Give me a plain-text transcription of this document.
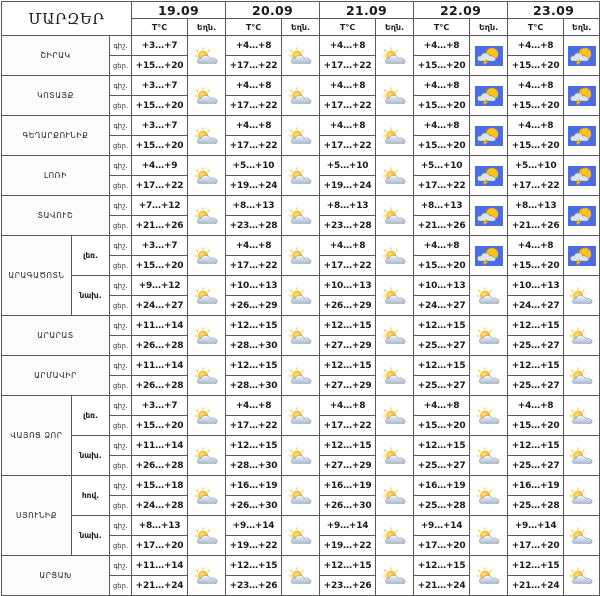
ՄԱՐԶԵՐ			19.09		20.09		21.09		22.09		23.09	
			T°C	Եղն.	T°C	Եղն.	T°C	Եղն.	T°C	Եղն.	T°C	Եղն.
ՇԻՐԱԿ		գիշ.	+3…+7		+4…+8		+4…+8		+4…+8		+4…+8	

		ցեր.	+15…+20		+17…+22		+17…+22		+15…+20		+15…+20	
ԿՈՏԱՅՔ		գիշ.	+3…+7		+4…+8		+4…+8		+4…+8		+4…+8	

		ցեր.	+15…+20		+17…+22		+17…+22		+15…+20		+15…+20	
ԳԵՂԱՐՔՈՒՆԻՔ		գիշ.	+3…+7		+4…+8		+4…+8		+4…+8		+4…+8	

		ցեր.	+15…+20		+17…+22		+17…+22		+15…+20		+15…+20	
ԼՈՌԻ		գիշ.	+4…+9		+5…+10		+5…+10		+5…+10		+5…+10	

		ցեր.	+17…+22		+19…+24		+19…+24		+17…+22		+17…+22	
ՏԱՎՈՒՇ		գիշ.	+7…+12		+8…+13		+8…+13		+8…+13		+8…+13	

		ցեր.	+21…+26		+23…+28		+23…+28		+21…+26		+21…+26	
ԱՐԱԳԱԾՈՏՆ	լեռ.	գիշ.	+3…+7		+4…+8		+4…+8		+4…+8		+4…+8	

		ցեր.	+15…+20		+17…+22		+17…+22		+15…+20		+15…+20	
	նախ.	գիշ.	+9…+12		+10…+13		+10…+13		+10…+13		+10…+13	

		ցեր.	+24…+27		+26…+29		+26…+29		+24…+27		+24…+27	
ԱՐԱՐԱՏ		գիշ.	+11…+14		+12…+15		+12…+15		+12…+15		+12…+15	

		ցեր.	+26…+28		+28…+30		+27…+29		+25…+27		+25…+27	
ԱՐՄԱՎԻՐ		գիշ.	+11…+14		+12…+15		+12…+15		+12…+15		+12…+15	

		ցեր.	+26…+28		+28…+30		+27…+29		+25…+27		+25…+27	
ՎԱՅՈՑ ՁՈՐ	լեռ.	գիշ.	+3…+7		+4…+8		+4…+8		+4…+8		+4…+8	

		ցեր.	+15…+20		+17…+22		+17…+22		+15…+20		+15…+20	
	նախ.	գիշ.	+11…+14		+12…+15		+12…+15		+12…+15		+12…+15	

		ցեր.	+26…+28		+28…+30		+27…+29		+25…+27		+25…+27	
ՍՅՈՒՆԻՔ	հով.	գիշ.	+15…+18		+16…+19		+16…+19		+16…+19		+16…+19	

		ցեր.	+24…+28		+26…+30		+26…+30		+25…+28		+25…+28	
	նախ.	գիշ.	+8…+13		+9…+14		+9…+14		+9…+14		+9…+14	

		ցեր.	+17…+20		+19…+22		+19…+22		+17…+20		+17…+20	
ԱՐՑԱԽ		գիշ.	+11…+14		+12…+15		+12…+15		+12…+15		+12…+15	

		ցեր.	+21…+24		+23…+26		+23…+26		+21…+24		+21…+24	
